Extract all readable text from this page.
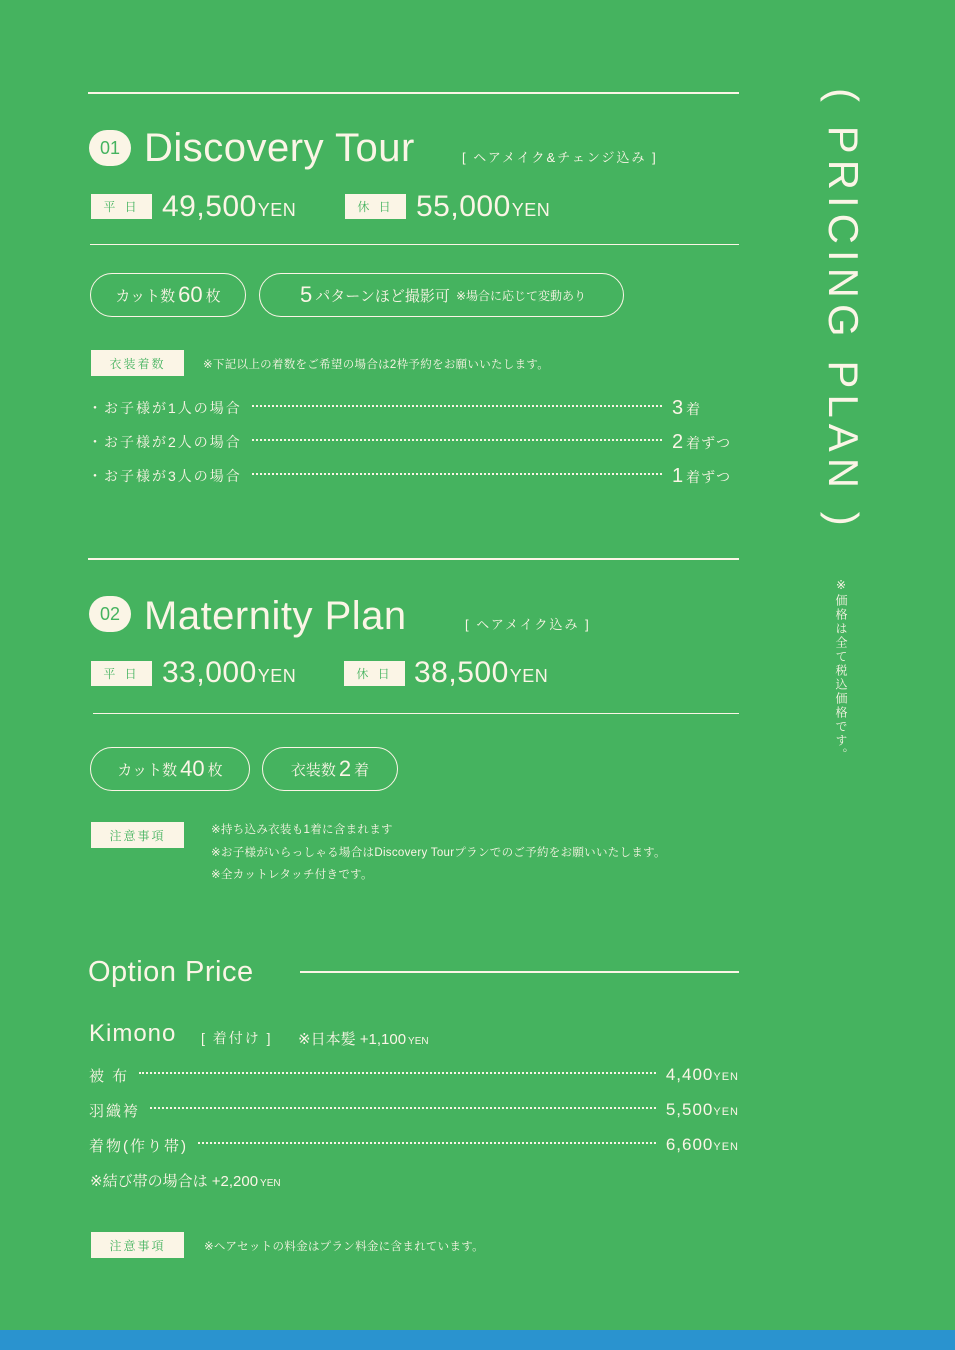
( PRICING PLAN )
※価格は全て税込価格です。
01 Discovery Tour	[ ヘアメイク&チェンジ込み ]
平 日 49,500YEN	休 日 55,000YEN
カット数 60 枚	5 パターンほど撮影可 ※場合に応じて変動あり
衣装着数	※下記以上の着数をご希望の場合は2枠予約をお願いいたします。
・お子様が1人の場合	3 着
・お子様が2人の場合	2 着ずつ
・お子様が3人の場合	1 着ずつ
02 Maternity Plan	[ ヘアメイク込み ]
平 日 33,000YEN	休 日 38,500YEN
カット数 40 枚	衣装数 2 着
注意事項	※持ち込み衣装も1着に含まれます
※お子様がいらっしゃる場合はDiscovery Tourプランでのご予約をお願いいたします。
※全カットレタッチ付きです。
Option Price
Kimono [ 着付け ] ※日本髪 +1,100 YEN
被 布	4,400YEN
羽織袴	5,500YEN
着物(作り帯)	6,600YEN
※結び帯の場合は +2,200 YEN
注意事項	※ヘアセットの料金はプラン料金に含まれています。
